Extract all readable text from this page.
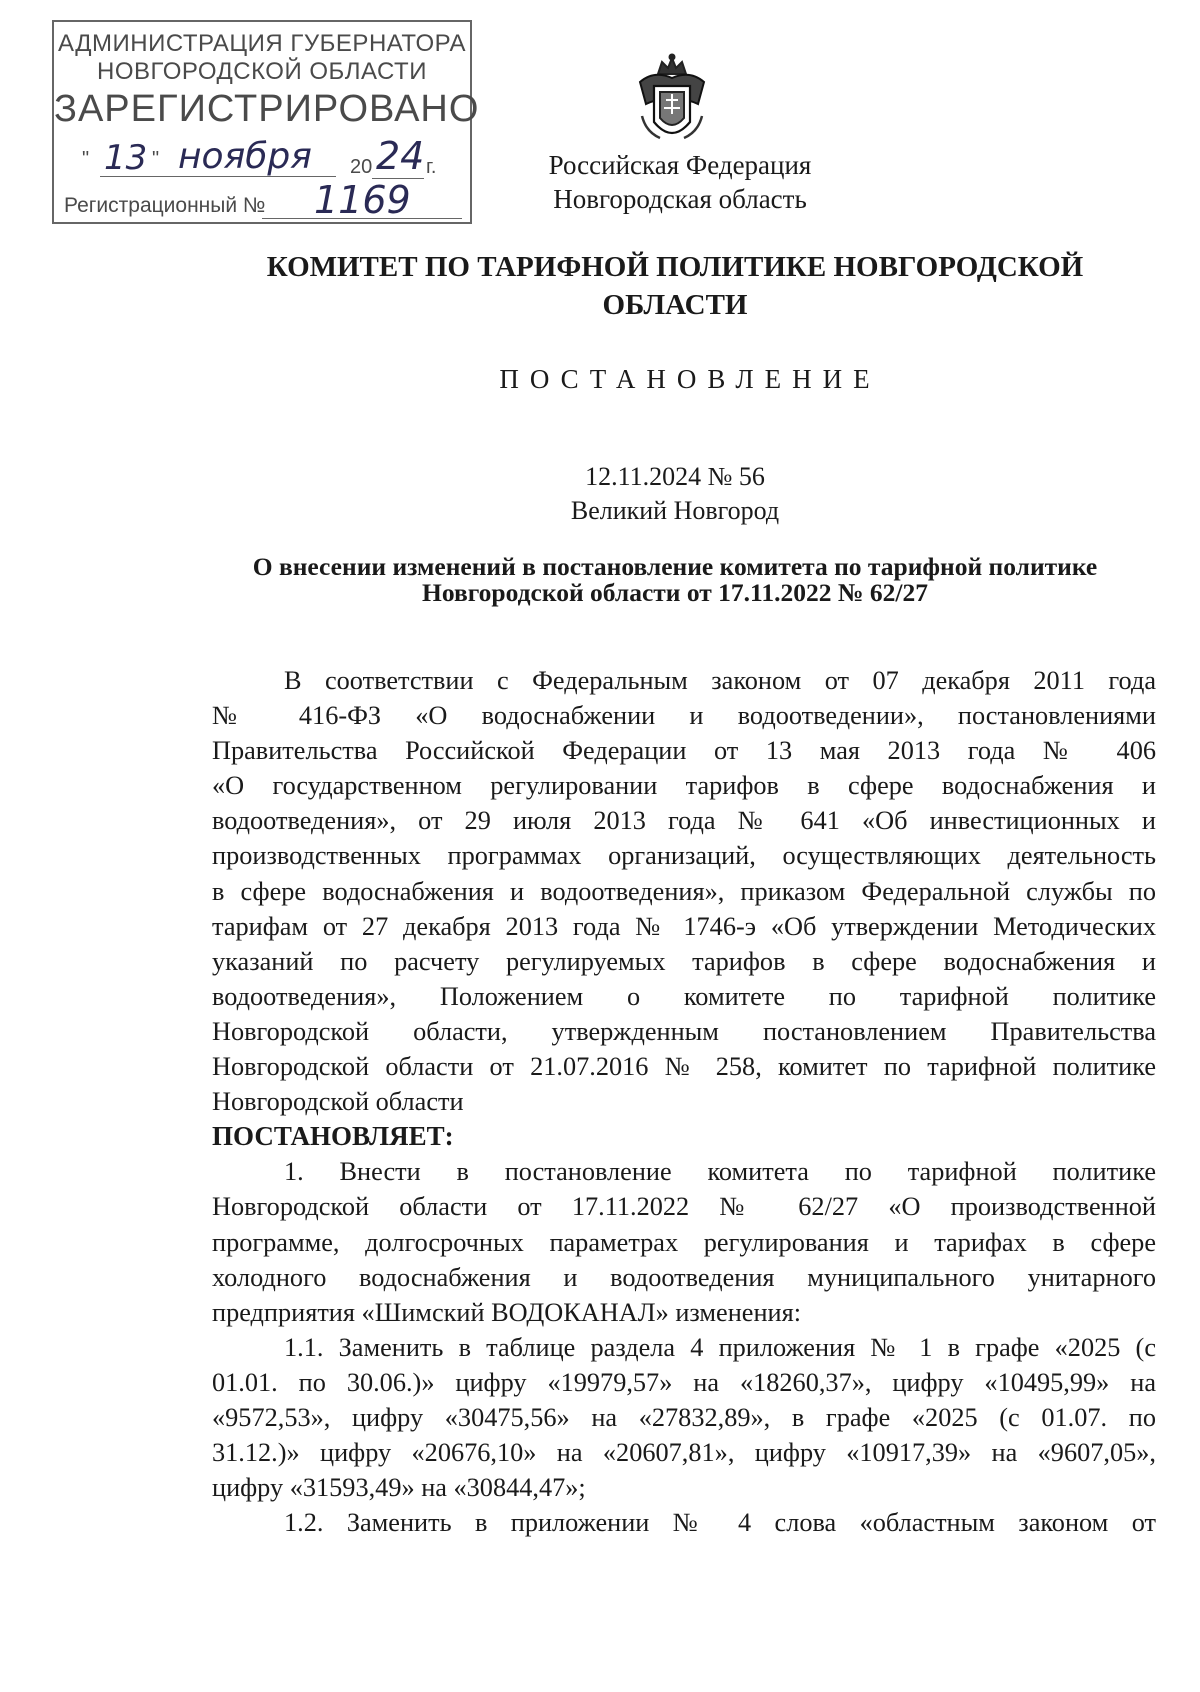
АДМИНИСТРАЦИЯ ГУБЕРНАТОРА
НОВГОРОДСКОЙ ОБЛАСТИ
ЗАРЕГИСТРИРОВАНО
" 13 " ноября 20 24 г.
Регистрационный № 1169
Российская Федерация
Новгородская область
КОМИТЕТ ПО ТАРИФНОЙ ПОЛИТИКЕ НОВГОРОДСКОЙ
ОБЛАСТИ
ПОСТАНОВЛЕНИЕ
12.11.2024 № 56
Великий Новгород
О внесении изменений в постановление комитета по тарифной политике
Новгородской области от 17.11.2022 № 62/27

В соответствии с Федеральным законом от 07 декабря 2011 года

№ 416-ФЗ «О водоснабжении и водоотведении», постановлениями

Правительства Российской Федерации от 13 мая 2013 года № 406

«О государственном регулировании тарифов в сфере водоснабжения и

водоотведения», от 29 июля 2013 года № 641 «Об инвестиционных и

производственных программах организаций, осуществляющих деятельность

в сфере водоснабжения и водоотведения», приказом Федеральной службы по

тарифам от 27 декабря 2013 года № 1746-э «Об утверждении Методических

указаний по расчету регулируемых тарифов в сфере водоснабжения и

водоотведения», Положением о комитете по тарифной политике

Новгородской области, утвержденным постановлением Правительства

Новгородской области от 21.07.2016 № 258, комитет по тарифной политике

Новгородской области

ПОСТАНОВЛЯЕТ:

1. Внести в постановление комитета по тарифной политике

Новгородской области от 17.11.2022 № 62/27 «О производственной

программе, долгосрочных параметрах регулирования и тарифах в сфере

холодного водоснабжения и водоотведения муниципального унитарного

предприятия «Шимский ВОДОКАНАЛ» изменения:

1.1. Заменить в таблице раздела 4 приложения № 1 в графе «2025 (с

01.01. по 30.06.)» цифру «19979,57» на «18260,37», цифру «10495,99» на

«9572,53», цифру «30475,56» на «27832,89», в графе «2025 (с 01.07. по

31.12.)» цифру «20676,10» на «20607,81», цифру «10917,39» на «9607,05»,

цифру «31593,49» на «30844,47»;

1.2. Заменить в приложении № 4 слова «областным законом от
